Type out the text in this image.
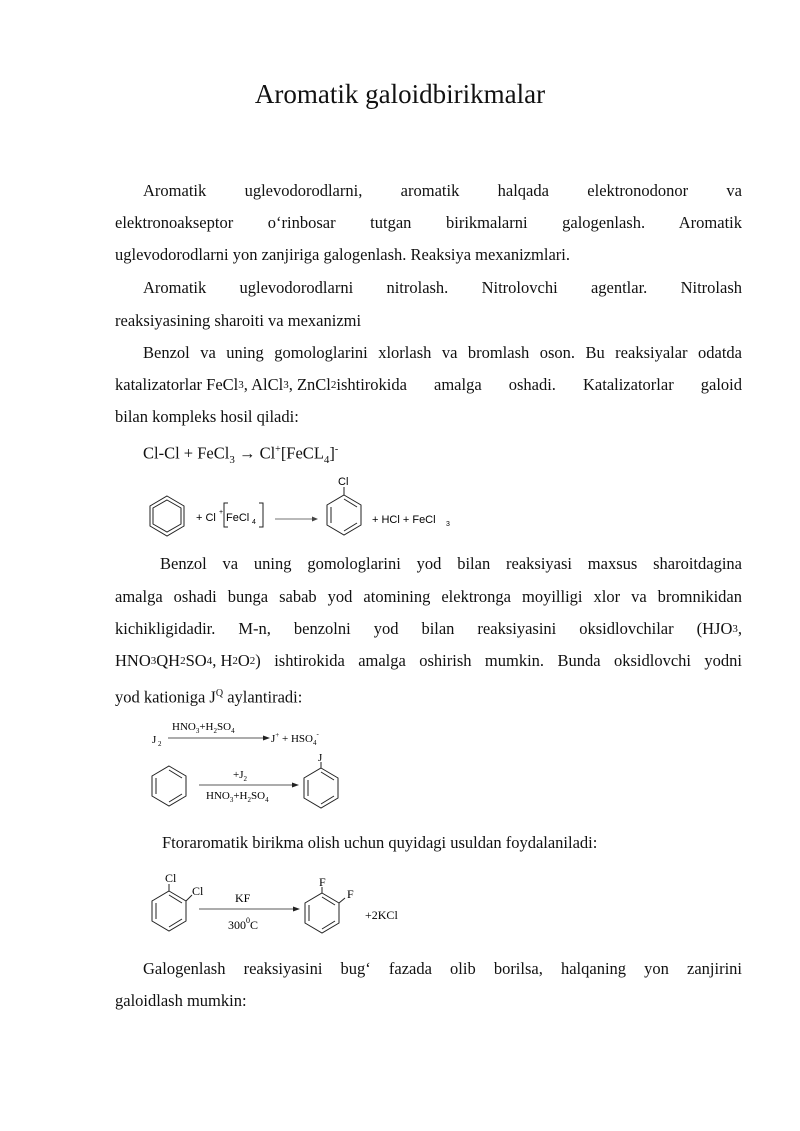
Aromatik galoidbirikmalar
Aromatik uglevodorodlarni, aromatik halqada elektronodonor va
elektronoakseptor o‘rinbosar tutgan birikmalarni galogenlash. Aromatik
uglevodorodlarni yon zanjiriga galogenlash. Reaksiya mexanizmlari.
Aromatik uglevodorodlarni nitrolash. Nitrolovchi agentlar. Nitrolash
reaksiyasining sharoiti va mexanizmi
Benzol va uning gomologlarini xlorlash va bromlash oson. Bu reaksiyalar odatda
katalizatorlar FeCl 3 , AlCl 3 , ZnCl 2 ishtirokida amalga oshadi. Katalizatorlar galoid
bilan kompleks hosil qiladi:
Cl-Cl + FeCl$_3$ → Cl+[FeCL$_4$]-
+ Cl + FeCl 4
Cl
+ HCl + FeCl 3
Benzol va uning gomologlarini yod bilan reaksiyasi maxsus sharoitdagina
amalga oshadi bunga sabab yod atomining elektronga moyilligi xlor va bromnikidan
kichikligidadir. M-n, benzolni yod bilan reaksiyasini oksidlovchilar (HJO 3 ,
HNO 3 QH 2 SO 4 , H 2 O 2 ) ishtirokida amalga oshirish mumkin. Bunda oksidlovchi yodni
yod kationiga $J^Q$ aylantiradi:
J 2
$HNO_3+H_2SO_4$
$J^+ + HSO_4^-$
$+J_2$
$HNO_3+H_2SO_4$
J
Ftoraromatik birikma olish uchun quyidagi usuldan foydalaniladi:
Cl
Cl	KF
$300^0C$
F
F
+2KCl
Galogenlash reaksiyasini bug‘ fazada olib borilsa, halqaning yon zanjirini
galoidlash mumkin:
